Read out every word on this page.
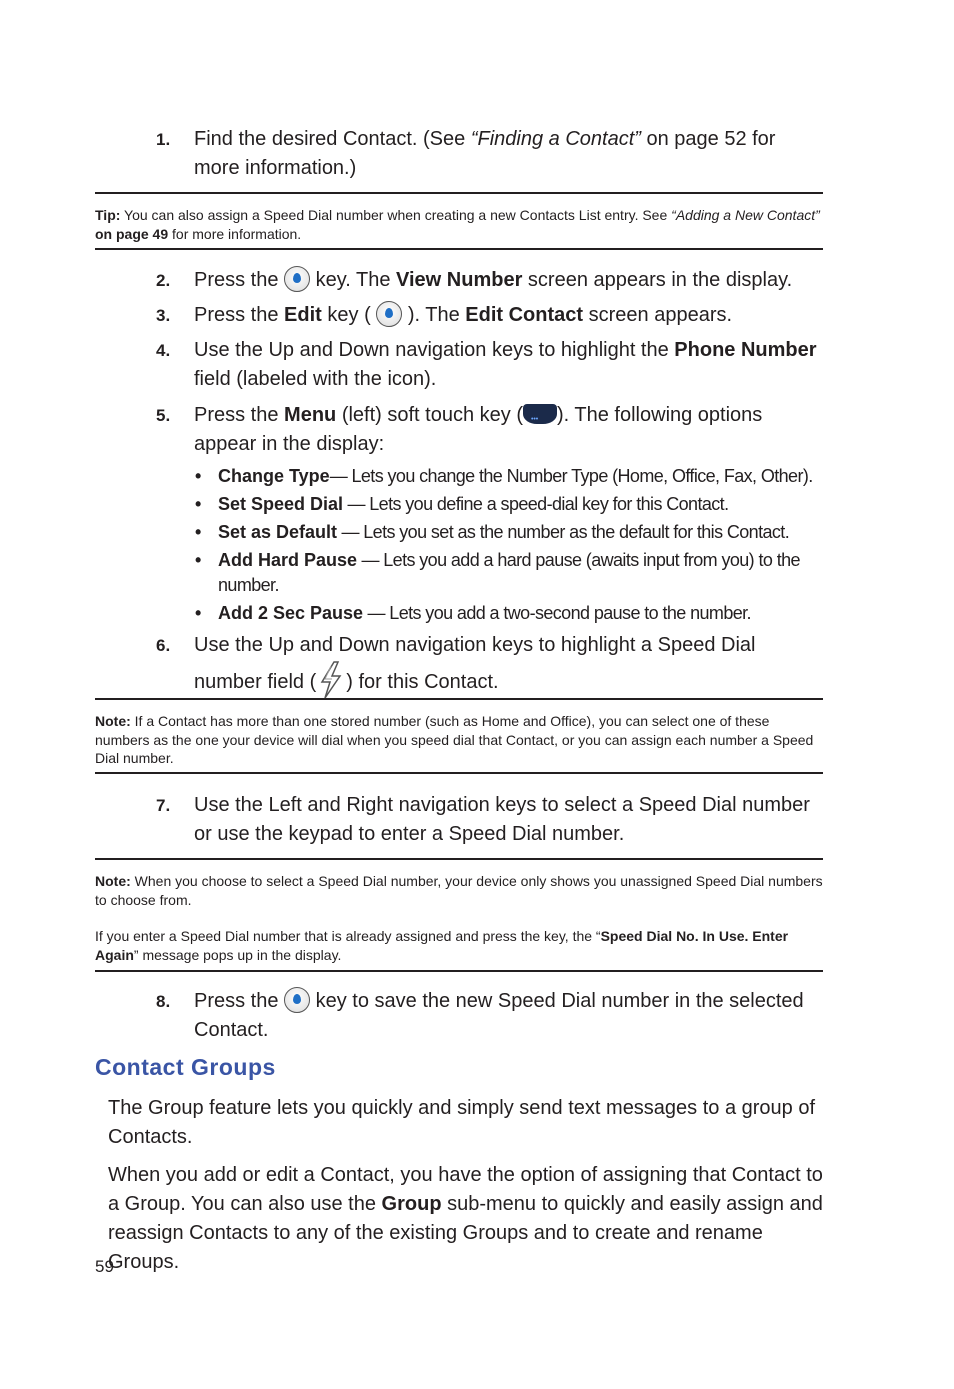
1. Find the desired Contact. (See “Finding a Contact” on page 52 for more information.)

Tip: You can also assign a Speed Dial number when creating a new Contacts List entry. See “Adding a New Contact” on page 49 for more information.

2. Press the  key. The View Number screen appears in the display.
3. Press the Edit key (  ). The Edit Contact screen appears.
4. Use the Up and Down navigation keys to highlight the Phone Number field (labeled with the icon).
5. Press the Menu (left) soft touch key (• • • ). The following options appear in the display:
• Change Type— Lets you change the Number Type (Home, Office, Fax, Other).
• Set Speed Dial — Lets you define a speed-dial key for this Contact.
• Set as Default — Lets you set as the number as the default for this Contact.
• Add Hard Pause — Lets you add a hard pause (awaits input from you) to the number.
• Add 2 Sec Pause — Lets you add a two-second pause to the number.
6. Use the Up and Down navigation keys to highlight a Speed Dial number field ( ) for this Contact.

Note: If a Contact has more than one stored number (such as Home and Office), you can select one of these numbers as the one your device will dial when you speed dial that Contact, or you can assign each number a Speed Dial number.

7. Use the Left and Right navigation keys to select a Speed Dial number or use the keypad to enter a Speed Dial number.

Note: When you choose to select a Speed Dial number, your device only shows you unassigned Speed Dial numbers to choose from.

If you enter a Speed Dial number that is already assigned and press the key, the “Speed Dial No. In Use. Enter Again” message pops up in the display.

8. Press the  key to save the new Speed Dial number in the selected Contact.
Contact Groups
The Group feature lets you quickly and simply send text messages to a group of Contacts.
When you add or edit a Contact, you have the option of assigning that Contact to a Group. You can also use the Group sub-menu to quickly and easily assign and reassign Contacts to any of the existing Groups and to create and rename Groups.
59
